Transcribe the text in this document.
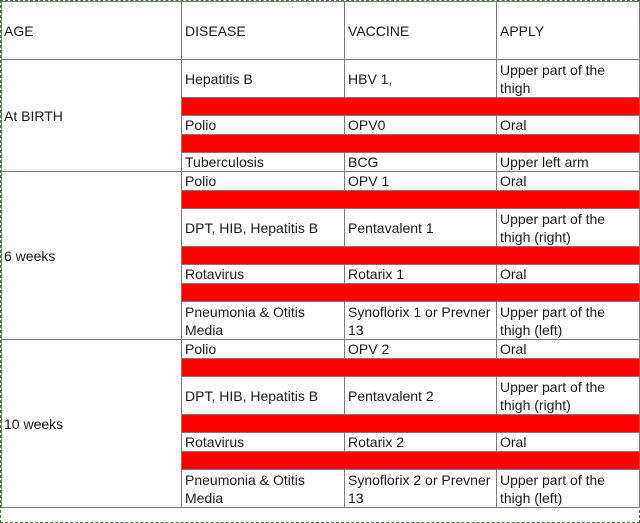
AGE	DISEASE	VACCINE	APPLY
At BIRTH	Hepatitis B	HBV 1,	Upper part of the thigh

	Polio	OPV0	Oral

	Tuberculosis	BCG	Upper left arm
6 weeks	Polio	OPV 1	Oral

	DPT, HIB, Hepatitis B	Pentavalent 1	Upper part of the thigh (right)

	Rotavirus	Rotarix 1	Oral

	Pneumonia & Otitis Media	Synoflorix 1 or Prevner 13	Upper part of the thigh (left)
10 weeks	Polio	OPV 2	Oral

	DPT, HIB, Hepatitis B	Pentavalent 2	Upper part of the thigh (right)

	Rotavirus	Rotarix 2	Oral

	Pneumonia & Otitis Media	Synoflorix 2 or Prevner 13	Upper part of the thigh (left)
